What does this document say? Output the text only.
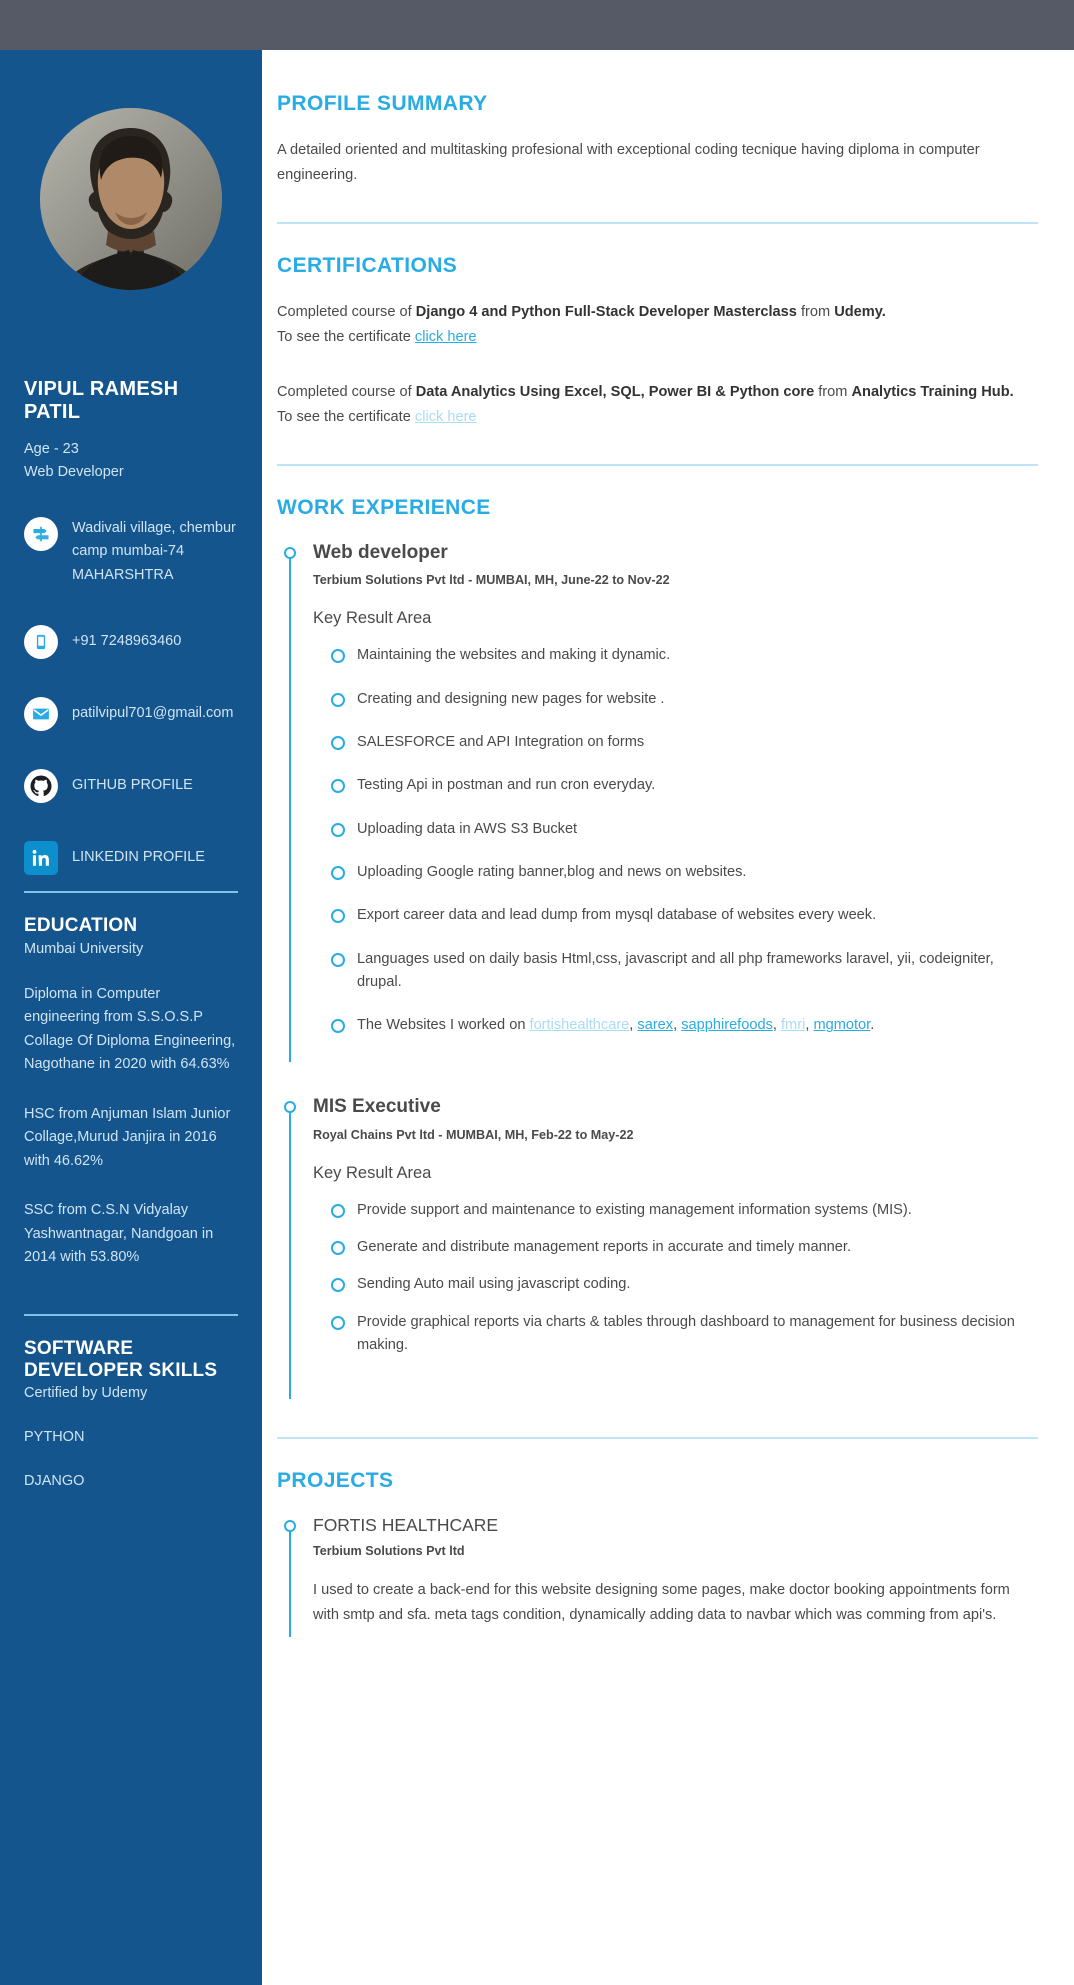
VIPUL RAMESH PATIL
Age - 23
Web Developer
Wadivali village, chembur camp mumbai-74 MAHARSHTRA
+91 7248963460
patilvipul701@gmail.com
GITHUB PROFILE
LINKEDIN PROFILE
EDUCATION
Mumbai University
Diploma in Computer engineering from S.S.O.S.P Collage Of Diploma Engineering, Nagothane in 2020 with 64.63%
HSC from Anjuman Islam Junior Collage,Murud Janjira in 2016 with 46.62%
SSC from C.S.N Vidyalay Yashwantnagar, Nandgoan in 2014 with 53.80%
SOFTWARE DEVELOPER SKILLS
Certified by Udemy
PYTHON
DJANGO
PROFILE SUMMARY

A detailed oriented and multitasking profesional with exceptional coding tecnique having diploma in computer engineering.

CERTIFICATIONS

Completed course of Django 4 and Python Full-Stack Developer Masterclass from Udemy.

To see the certificate click here

Completed course of Data Analytics Using Excel, SQL, Power BI & Python core from Analytics Training Hub.

To see the certificate click here

WORK EXPERIENCE
Web developer
Terbium Solutions Pvt ltd - MUMBAI, MH, June-22 to Nov-22
Key Result Area
Maintaining the websites and making it dynamic.
Creating and designing new pages for website .
SALESFORCE and API Integration on forms
Testing Api in postman and run cron everyday.
Uploading data in AWS S3 Bucket
Uploading Google rating banner,blog and news on websites.
Export career data and lead dump from mysql database of websites every week.
Languages used on daily basis Html,css, javascript and all php frameworks laravel, yii, codeigniter, drupal.
The Websites I worked on fortishealthcare, sarex, sapphirefoods, fmri, mgmotor.
MIS Executive
Royal Chains Pvt ltd - MUMBAI, MH, Feb-22 to May-22
Key Result Area
Provide support and maintenance to existing management information systems (MIS).
Generate and distribute management reports in accurate and timely manner.
Sending Auto mail using javascript coding.
Provide graphical reports via charts & tables through dashboard to management for business decision making.
PROJECTS
FORTIS HEALTHCARE
Terbium Solutions Pvt ltd
I used to create a back-end for this website designing some pages, make doctor booking appointments form with smtp and sfa. meta tags condition, dynamically adding data to navbar which was comming from api's.
